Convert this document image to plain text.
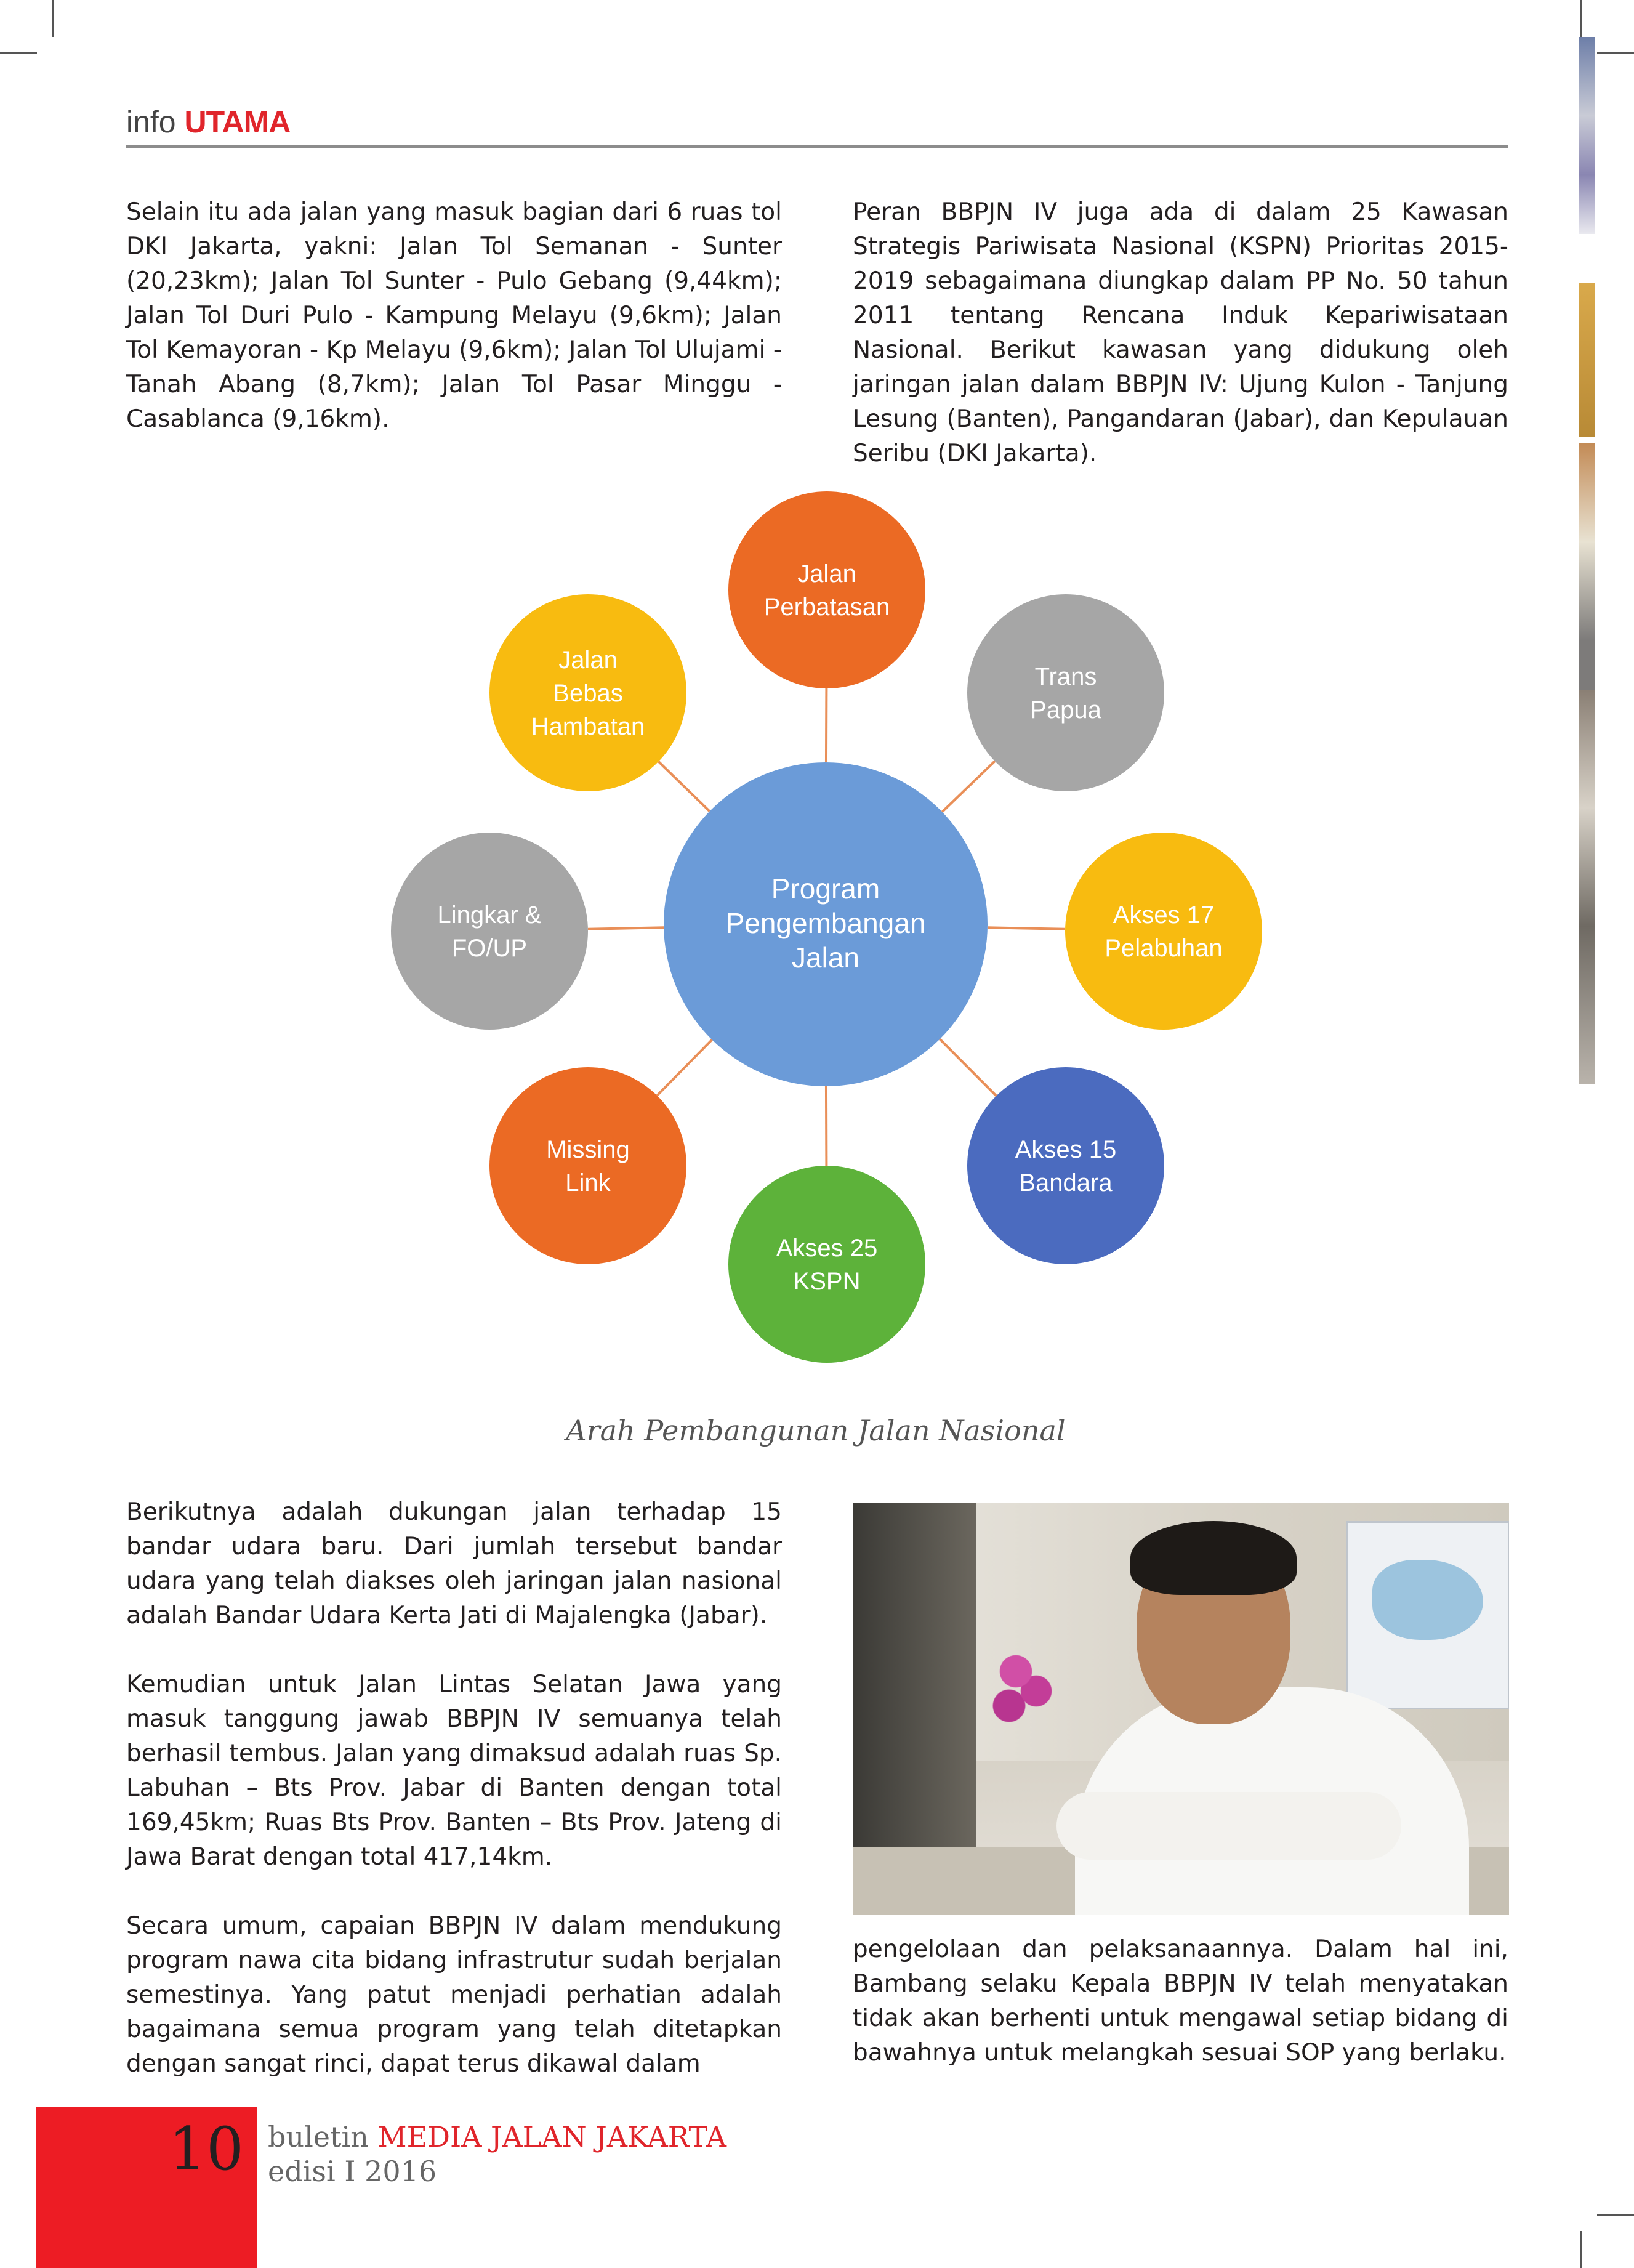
info UTAMA

Selain itu ada jalan yang masuk bagian dari 6 ruas tol DKI Jakarta, yakni: Jalan Tol Semanan - Sunter (20,23km); Jalan Tol Sunter - Pulo Gebang (9,44km); Jalan Tol Duri Pulo - Kampung Melayu (9,6km); Jalan Tol Kemayoran - Kp Melayu (9,6km); Jalan Tol Ulujami - Tanah Abang (8,7km); Jalan Tol Pasar Minggu - Casablanca (9,16km).

Peran BBPJN IV juga ada di dalam 25 Kawasan Strategis Pariwisata Nasional (KSPN) Prioritas 2015-2019 sebagaimana diungkap dalam PP No. 50 tahun 2011 tentang Rencana Induk Kepariwisataan Nasional. Berikut kawasan yang didukung oleh jaringan jalan dalam BBPJN IV: Ujung Kulon - Tanjung Lesung (Banten), Pangandaran (Jabar), dan Kepulauan Seribu (DKI Jakarta).

Program Pengembangan Jalan
Jalan Perbatasan
Trans Papua
Akses 17 Pelabuhan
Akses 15 Bandara
Akses 25 KSPN
Missing Link
Lingkar & FO/UP
Jalan Bebas Hambatan
Arah Pembangunan Jalan Nasional

Berikutnya adalah dukungan jalan terhadap 15 bandar udara baru. Dari jumlah tersebut bandar udara yang telah diakses oleh jaringan jalan nasional adalah Bandar Udara Kerta Jati di Majalengka (Jabar).

Kemudian untuk Jalan Lintas Selatan Jawa yang masuk tanggung jawab BBPJN IV semuanya telah berhasil tembus. Jalan yang dimaksud adalah ruas Sp. Labuhan – Bts Prov. Jabar di Banten dengan total 169,45km; Ruas Bts Prov. Banten – Bts Prov. Jateng di Jawa Barat dengan total 417,14km.

Secara umum, capaian BBPJN IV dalam mendukung program nawa cita bidang infrastrutur sudah berjalan semestinya. Yang patut menjadi perhatian adalah bagaimana semua program yang telah ditetapkan dengan sangat rinci, dapat terus dikawal dalam

pengelolaan dan pelaksanaannya. Dalam hal ini, Bambang selaku Kepala BBPJN IV telah menyatakan tidak akan berhenti untuk mengawal setiap bidang di bawahnya untuk melangkah sesuai SOP yang berlaku.

10 buletin MEDIA JALAN JAKARTA
edisi I 2016
